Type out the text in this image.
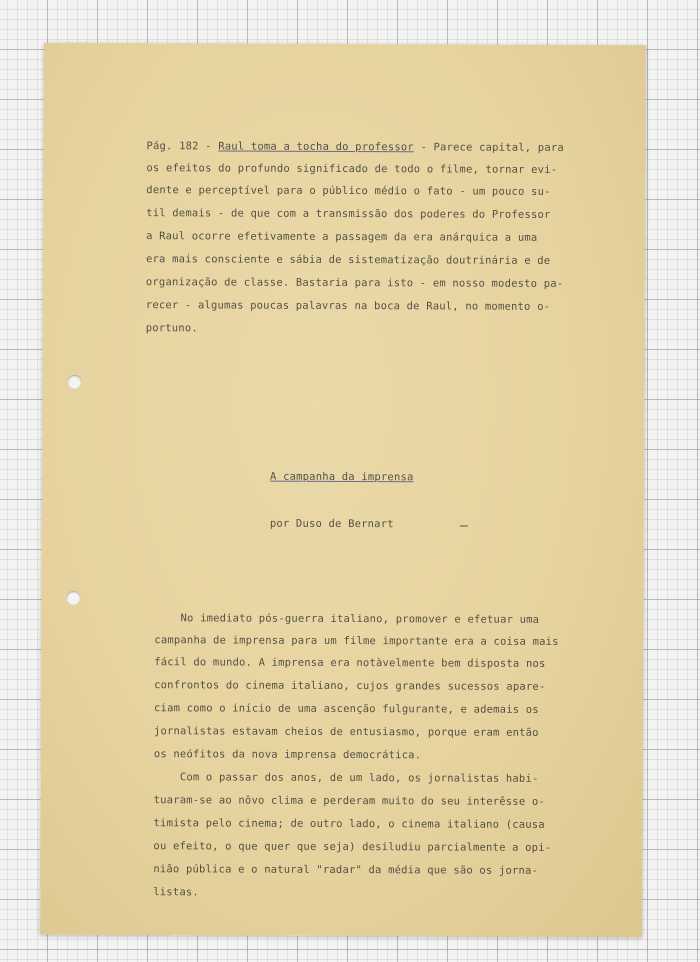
Pág. 182 - Raul toma a tocha do professor - Parece capital, para

os efeitos do profundo significado de todo o filme, tornar evi-

dente e perceptível para o público médio o fato - um pouco su-

til demais - de que com a transmissão dos poderes do Professor

a Raul ocorre efetivamente a passagem da era anárquica a uma

era mais consciente e sábia de sistematização doutrinária e de

organização de classe. Bastaria para isto - em nosso modesto pa-

recer - algumas poucas palavras na boca de Raul, no momento o-

portuno.

A campanha da imprensa

por Duso de Bernart

No imediato pós-guerra italiano, promover e efetuar uma

campanha de imprensa para um filme importante era a coisa mais

fácil do mundo. A imprensa era notàvelmente bem disposta nos

confrontos do cinema italiano, cujos grandes sucessos apare-

ciam como o início de uma ascenção fulgurante, e ademais os

jornalistas estavam cheios de entusiasmo, porque eram então

os neófitos da nova imprensa democrática.

Com o passar dos anos, de um lado, os jornalistas habi-

tuaram-se ao nôvo clima e perderam muito do seu interêsse o-

timista pelo cinema; de outro lado, o cinema italiano (causa

ou efeito, o que quer que seja) desiludiu parcialmente a opi-

nião pública e o natural "radar" da média que são os jorna-

listas.
